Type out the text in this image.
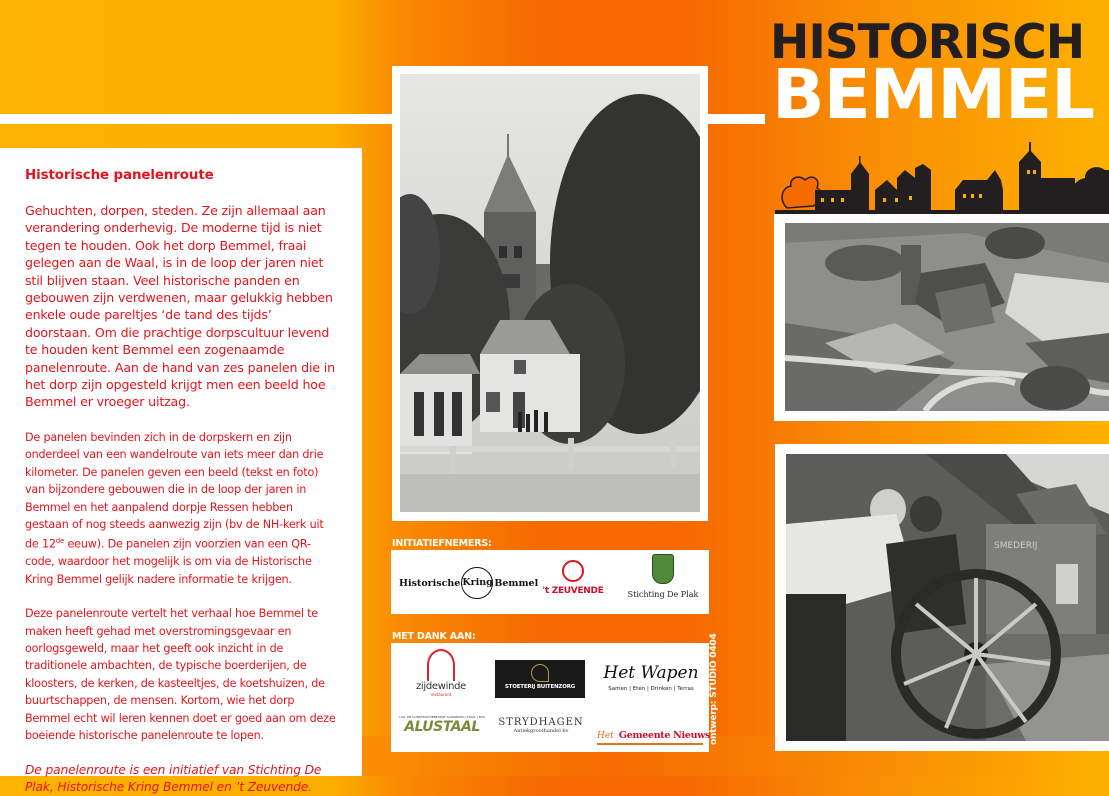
Historische panelenroute

Gehuchten, dorpen, steden. Ze zijn allemaal aan verandering onderhevig. De moderne tijd is niet tegen te houden. Ook het dorp Bemmel, fraai gelegen aan de Waal, is in de loop der jaren niet stil blijven staan. Veel historische panden en gebouwen zijn verdwenen, maar gelukkig hebben enkele oude pareltjes ‘de tand des tijds’ doorstaan. Om die prachtige dorpscultuur levend te houden kent Bemmel een zogenaamde panelenroute. Aan de hand van zes panelen die in het dorp zijn opgesteld krijgt men een beeld hoe Bemmel er vroeger uitzag.

De panelen bevinden zich in de dorpskern en zijn onderdeel van een wandelroute van iets meer dan drie kilometer. De panelen geven een beeld (tekst en foto) van bijzondere gebouwen die in de loop der jaren in Bemmel en het aanpalend dorpje Ressen hebben gestaan of nog steeds aanwezig zijn (bv de NH-kerk uit de 12de eeuw). De panelen zijn voorzien van een QR-code, waardoor het mogelijk is om via de Historische Kring Bemmel gelijk nadere informatie te krijgen.

Deze panelenroute vertelt het verhaal hoe Bemmel te maken heeft gehad met overstromingsgevaar en oorlogsgeweld, maar het geeft ook inzicht in de traditionele ambachten, de typische boerderijen, de kloosters, de kerken, de kasteeltjes, de koetshuizen, de buurtschappen, de mensen. Kortom, wie het dorp Bemmel echt wil leren kennen doet er goed aan om deze boeiende historische panelenroute te lopen.

De panelenroute is een initiatief van Stichting De Plak, Historische Kring Bemmel en ’t Zeuvende.

HISTORISCH
BEMMEL
SMEDERIJ
INITIATIEFNEMERS:
Historische Kring Bemmel
't ZEUVENDE	Stichting De Plak
MET DANK AAN:
zijdewinde
restaurant
STOETERIJ BUITENZORG
Het Wapen
Samen | Eten | Drinken | Terras
LAS- EN CONSTRUCTIEBEDRIJF ALUMINIUM | STAAL | RVS
ALUSTAAL	STRYDHAGEN
Antiekgroothandel bv	Het Gemeente Nieuws
ontwerp: STUDIO 0404
